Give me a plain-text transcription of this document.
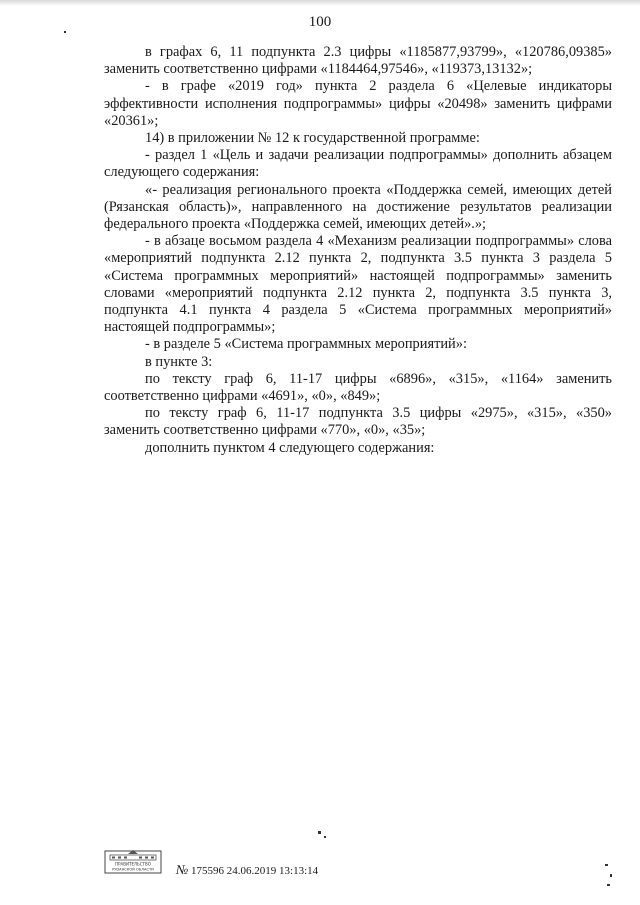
100

в графах 6, 11 подпункта 2.3 цифры «1185877,93799», «120786,09385» заменить соответственно цифрами «1184464,97546», «119373,13132»;

- в графе «2019 год» пункта 2 раздела 6 «Целевые индикаторы эффективности исполнения подпрограммы» цифры «20498» заменить цифрами «20361»;

14) в приложении № 12 к государственной программе:

- раздел 1 «Цель и задачи реализации подпрограммы» дополнить абзацем следующего содержания:

«- реализация регионального проекта «Поддержка семей, имеющих детей (Рязанская область)», направленного на достижение результатов реализации федерального проекта «Поддержка семей, имеющих детей».»;

- в абзаце восьмом раздела 4 «Механизм реализации подпрограммы» слова «мероприятий подпункта 2.12 пункта 2, подпункта 3.5 пункта 3 раздела 5 «Система программных мероприятий» настоящей подпрограммы» заменить словами «мероприятий подпункта 2.12 пункта 2, подпункта 3.5 пункта 3, подпункта 4.1 пункта 4 раздела 5 «Система программных мероприятий» настоящей подпрограммы»;

- в разделе 5 «Система программных мероприятий»:

в пункте 3:

по тексту граф 6, 11-17 цифры «6896», «315», «1164» заменить соответственно цифрами «4691», «0», «849»;

по тексту граф 6, 11-17 подпункта 3.5 цифры «2975», «315», «350» заменить соответственно цифрами «770», «0», «35»;

дополнить пунктом 4 следующего содержания:

ПРАВИТЕЛЬСТВО
РЯЗАНСКОЙ ОБЛАСТИ № 175596 24.06.2019 13:13:14
